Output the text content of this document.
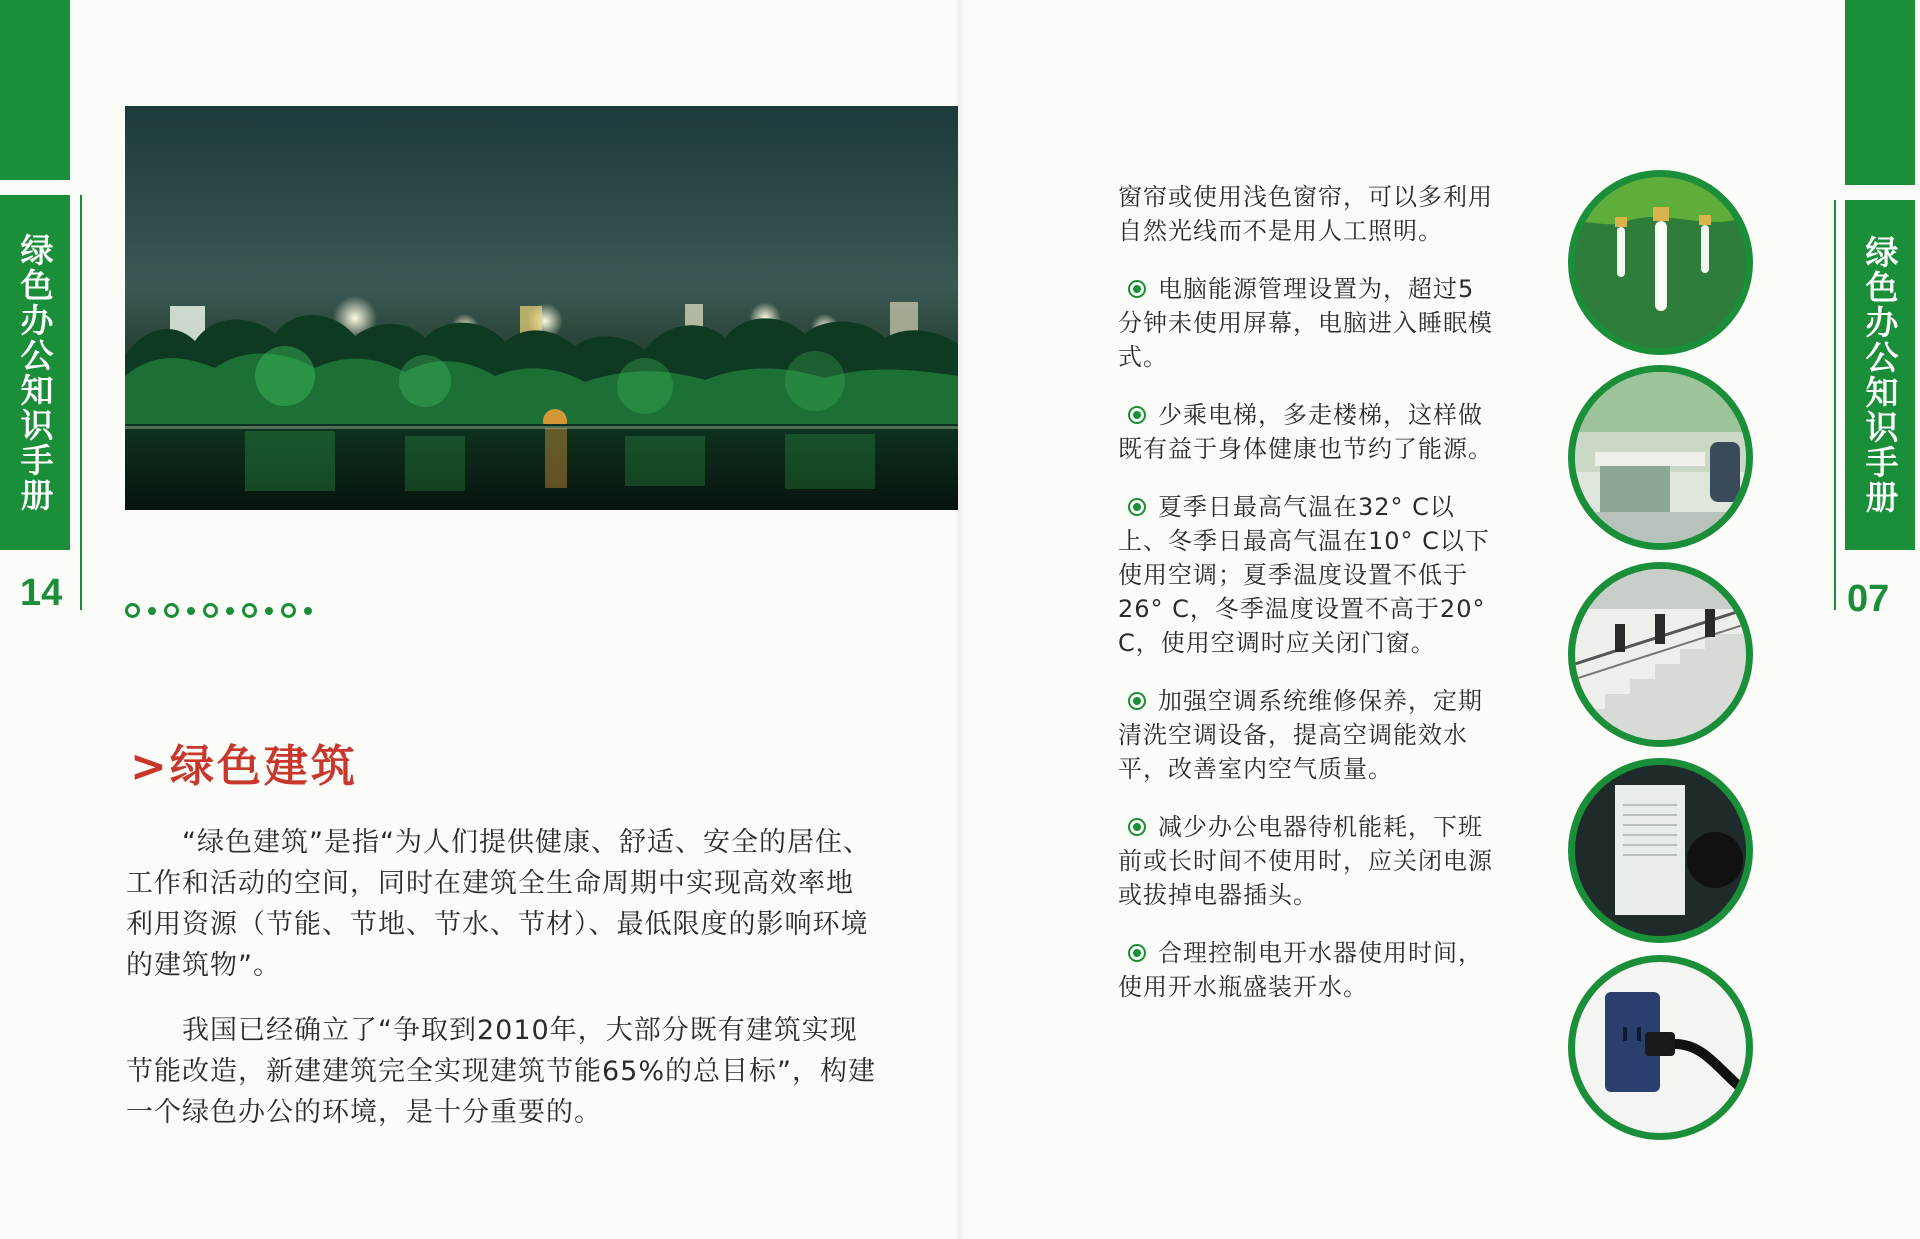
绿色办公知识手册
14
>绿色建筑

“绿色建筑”是指“为人们提供健康、舒适、安全的居住、工作和活动的空间，同时在建筑全生命周期中实现高效率地利用资源（节能、节地、节水、节材）、最低限度的影响环境的建筑物”。

我国已经确立了“争取到2010年，大部分既有建筑实现节能改造，新建建筑完全实现建筑节能65%的总目标”，构建一个绿色办公的环境，是十分重要的。

绿色办公知识手册
07

窗帘或使用浅色窗帘，可以多利用自然光线而不是用人工照明。

电脑能源管理设置为，超过5分钟未使用屏幕，电脑进入睡眠模式。

少乘电梯，多走楼梯，这样做既有益于身体健康也节约了能源。

夏季日最高气温在32° C以上、冬季日最高气温在10° C以下使用空调；夏季温度设置不低于26° C，冬季温度设置不高于20° C，使用空调时应关闭门窗。

加强空调系统维修保养，定期清洗空调设备，提高空调能效水平，改善室内空气质量。

减少办公电器待机能耗，下班前或长时间不使用时，应关闭电源或拔掉电器插头。

合理控制电开水器使用时间，使用开水瓶盛装开水。
